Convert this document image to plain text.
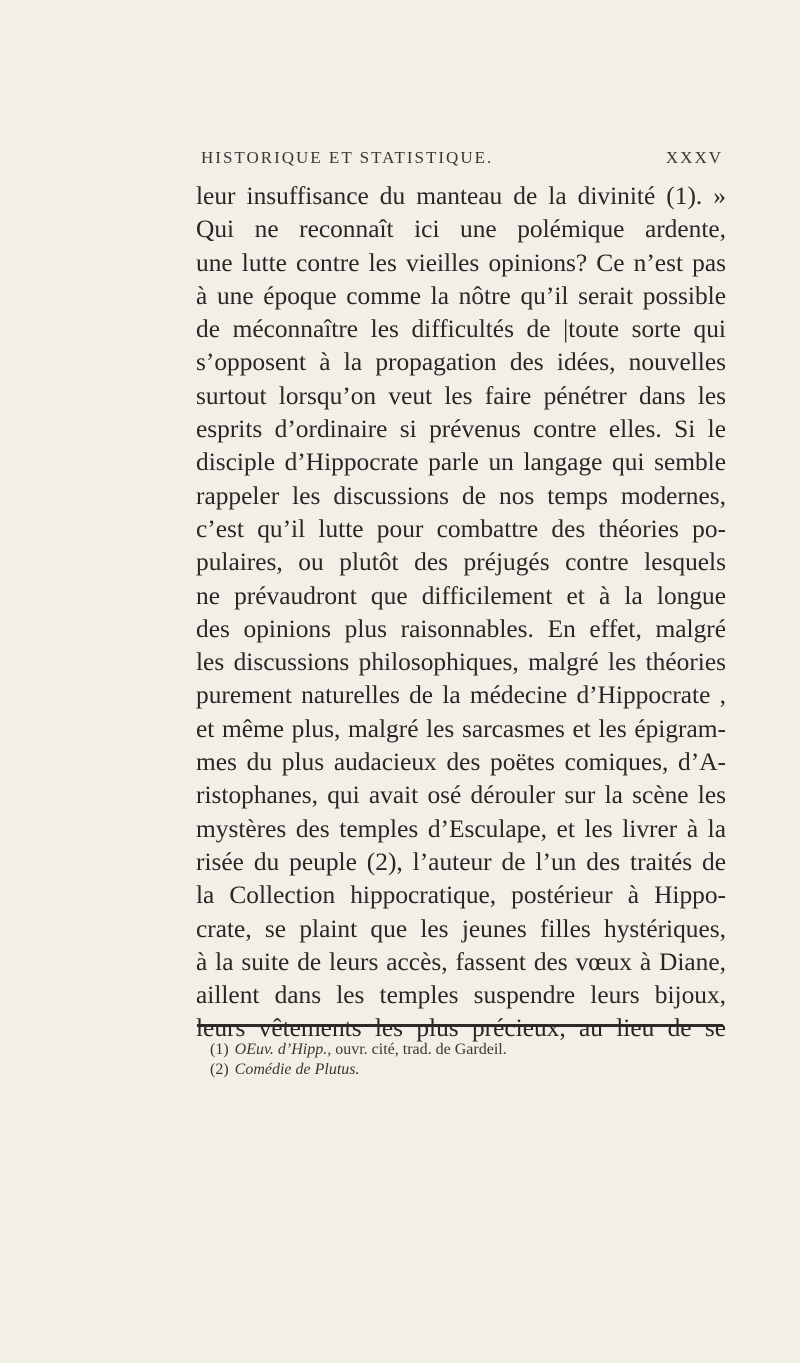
HISTORIQUE ET STATISTIQUE.	XXXV
leur insuffisance du manteau de la divinité (1). »
Qui ne reconnaît ici une polémique ardente,
une lutte contre les vieilles opinions? Ce n’est pas
à une époque comme la nôtre qu’il serait possible
de méconnaître les difficultés de |toute sorte qui
s’opposent à la propagation des idées, nouvelles
surtout lorsqu’on veut les faire pénétrer dans les
esprits d’ordinaire si prévenus contre elles. Si le
disciple d’Hippocrate parle un langage qui semble
rappeler les discussions de nos temps modernes,
c’est qu’il lutte pour combattre des théories po-
pulaires, ou plutôt des préjugés contre lesquels
ne prévaudront que difficilement et à la longue
des opinions plus raisonnables. En effet, malgré
les discussions philosophiques, malgré les théories
purement naturelles de la médecine d’Hippocrate ,
et même plus, malgré les sarcasmes et les épigram-
mes du plus audacieux des poëtes comiques, d’A-
ristophanes, qui avait osé dérouler sur la scène les
mystères des temples d’Esculape, et les livrer à la
risée du peuple (2), l’auteur de l’un des traités de
la Collection hippocratique, postérieur à Hippo-
crate, se plaint que les jeunes filles hystériques,
à la suite de leurs accès, fassent des vœux à Diane,
aillent dans les temples suspendre leurs bijoux,
leurs vêtements les plus précieux, au lieu de se
(1) OEuv. d’Hipp., ouvr. cité, trad. de Gardeil.
(2) Comédie de Plutus.
